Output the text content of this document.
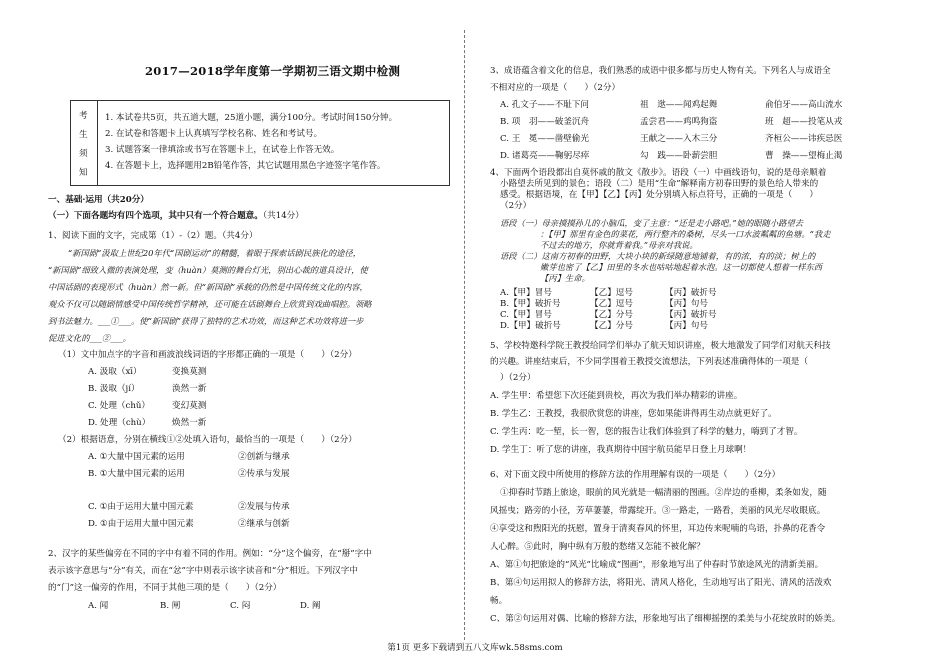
2017—2018学年度第一学期初三语文期中检测
考
生
须
知
1. 本试卷共5页，共五道大题，25道小题，满分100分。考试时间150分钟。
2. 在试卷和答题卡上认真填写学校名称、姓名和考试号。
3. 试题答案一律填涂或书写在答题卡上，在试卷上作答无效。
4. 在答题卡上，选择题用2B铅笔作答，其它试题用黑色字迹签字笔作答。
一、基础·运用（共20分）
（一）下面各题均有四个选项，其中只有一个符合题意。（共14分）
1、阅读下面的文字，完成第（1）-（2）题。（共4分）
“新国剧”汲取上世纪20年代“国剧运动”的精髓，着眼于探索话剧民族化的途径，
“新国剧”细致入微的表演处理，变（huàn）莫测的舞台灯光，别出心裁的道具设计，使
中国话剧的表现形式（huàn）然一新。但“新国剧”承载的仍然是中国传统文化的内容，
观众不仅可以随剧情感受中国传统哲学精神，还可能在话剧舞台上欣赏到戏曲唱腔。领略
到书法魅力。___①___。使“新国剧”获得了独特的艺术功效，而这种艺术功效将进一步
促进文化的___②___。
（1）文中加点字的字音和画波浪线词语的字形都正确的一项是（　　）（2分）
A. 汲取（xī）	变换莫测
B. 汲取（jí）	涣然一新
C. 处理（chǔ）	变幻莫测
D. 处理（chù）	焕然一新
（2）根据语意，分别在横线①②处填入语句，最恰当的一项是（　　）（2分）
A. ①大量中国元素的运用	②创新与继承
B. ①大量中国元素的运用	②传承与发展
C. ①由于运用大量中国元素	②发展与传承
D. ①由于运用大量中国元素	②继承与创新
2、汉字的某些偏旁在不同的字中有着不同的作用。例如：“分”这个偏旁，在“掰”字中
表示该字意思与“分”有关，而在“忿”字中则表示该字读音和“分”相近。下列汉字中
的“门”这一偏旁的作用，不同于其他三项的是（　　）（2分）
A. 闻	B. 闸	C. 闷	D. 阐
3、成语蕴含着文化的信息，我们熟悉的成语中很多都与历史人物有关。下列名人与成语全
不相对应的一项是（　　）（2分）
A. 孔文子——不耻下问	祖　逖——闻鸡起舞	俞伯牙——高山流水
B. 项　羽——破釜沉舟	孟尝君——鸡鸣狗盗	班　超——投笔从戎
C. 王　冕——凿壁偷光	王献之——入木三分	齐桓公——讳疾忌医
D. 诸葛亮——鞠躬尽瘁	勾　践——卧薪尝胆	曹　操——望梅止渴
4、下面两个语段都出自莫怀戚的散文《散步》。语段（一）中画线语句，说的是母亲顺着
小路望去所见到的景色；语段（二）是用“生命”解释南方初春田野的景色给人带来的
感受。根据语境，在【甲】【乙】【丙】处分别填入标点符号，正确的一项是（　　）
（2分）
语段（一）母亲摸摸孙儿的小脑瓜，变了主意：“还是走小路吧。”她的眼随小路望去
：【甲】那里有金色的菜花，两行整齐的桑树，尽头一口水波粼粼的鱼塘。“我走
不过去的地方，你就背着我。”母亲对我说。
语段（二）这南方初春的田野，大块小块的新绿随意地铺着，有的浓，有的淡；树上的
嫩芽也密了【乙】田里的冬水也咕咕地起着水泡。这一切都使人想着一样东西
【丙】生命。
A.【甲】冒号	【乙】逗号	【丙】破折号
B.【甲】破折号	【乙】逗号	【丙】句号
C.【甲】冒号	【乙】分号	【丙】破折号
D.【甲】破折号	【乙】分号	【丙】句号
5、学校特邀科学院王教授给同学们举办了航天知识讲座，极大地激发了同学们对航天科技
的兴趣。讲座结束后，不少同学围着王教授交流想法，下列表述准确得体的一项是（
）（2分）
A. 学生甲：希望您下次还能到贵校，再次为我们举办精彩的讲座。
B. 学生乙：王教授，我很欣赏您的讲座，您如果能讲得再生动点就更好了。
C. 学生丙：吃一堑，长一智，您的报告让我们体验到了科学的魅力，嗨到了才智。
D. 学生丁：听了您的讲座，我真期待中国宇航员能早日登上月球啊！
6、对下面文段中所使用的修辞方法的作用理解有误的一项是（　　）（2分）
①抑春时节踏上旅途，眼前的风光就是一幅清丽的图画。②岸边的垂柳，柔条如发，随
风摇曳；路旁的小径，芳草萋萋，带露绽开。③一路走，一路看，美丽的风光尽收眼底。
④享受这和煦阳光的抚慰，置身于清爽春风的怀里，耳边传来呢喃的鸟语，扑鼻的花香令
人心醉。⑤此时，胸中纵有万般的愁绪又怎能不被化解？
A、第①句把旅途的“风光”比喻成“图画”，形象地写出了仲春时节旅途风光的清新美丽。
B、第④句运用拟人的修辞方法，将阳光、清风人格化，生动地写出了阳光、清风的活泼欢
畅。
C、第②句运用对偶、比喻的修辞方法，形象地写出了细柳摇摆的柔美与小花绽放时的娇美。
第1页 更多下载请到五八文库wk.58sms.com
